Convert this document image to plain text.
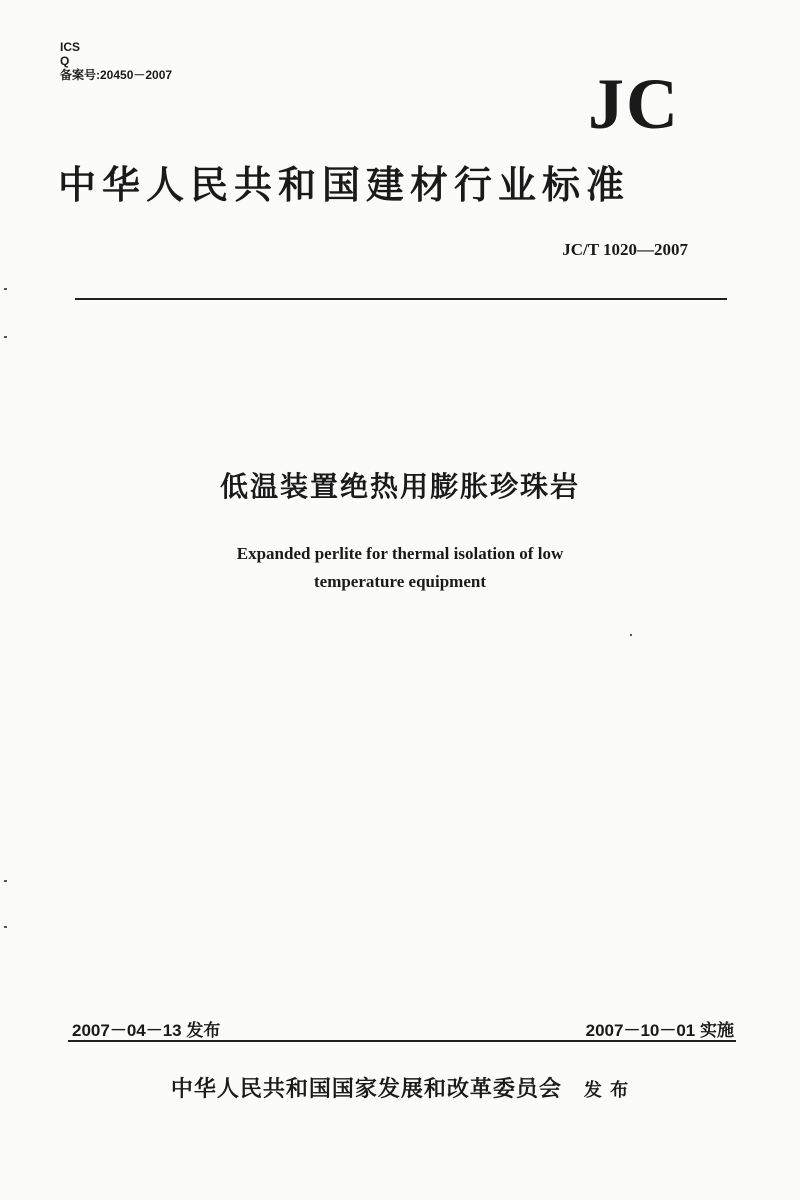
ICS
Q
备案号:20450－2007	JC
中华人民共和国建材行业标准
JC/T 1020—2007
低温装置绝热用膨胀珍珠岩
Expanded perlite for thermal isolation of low
temperature equipment
2007－04－13 发布	2007－10－01 实施
中华人民共和国国家发展和改革委员会 发 布
